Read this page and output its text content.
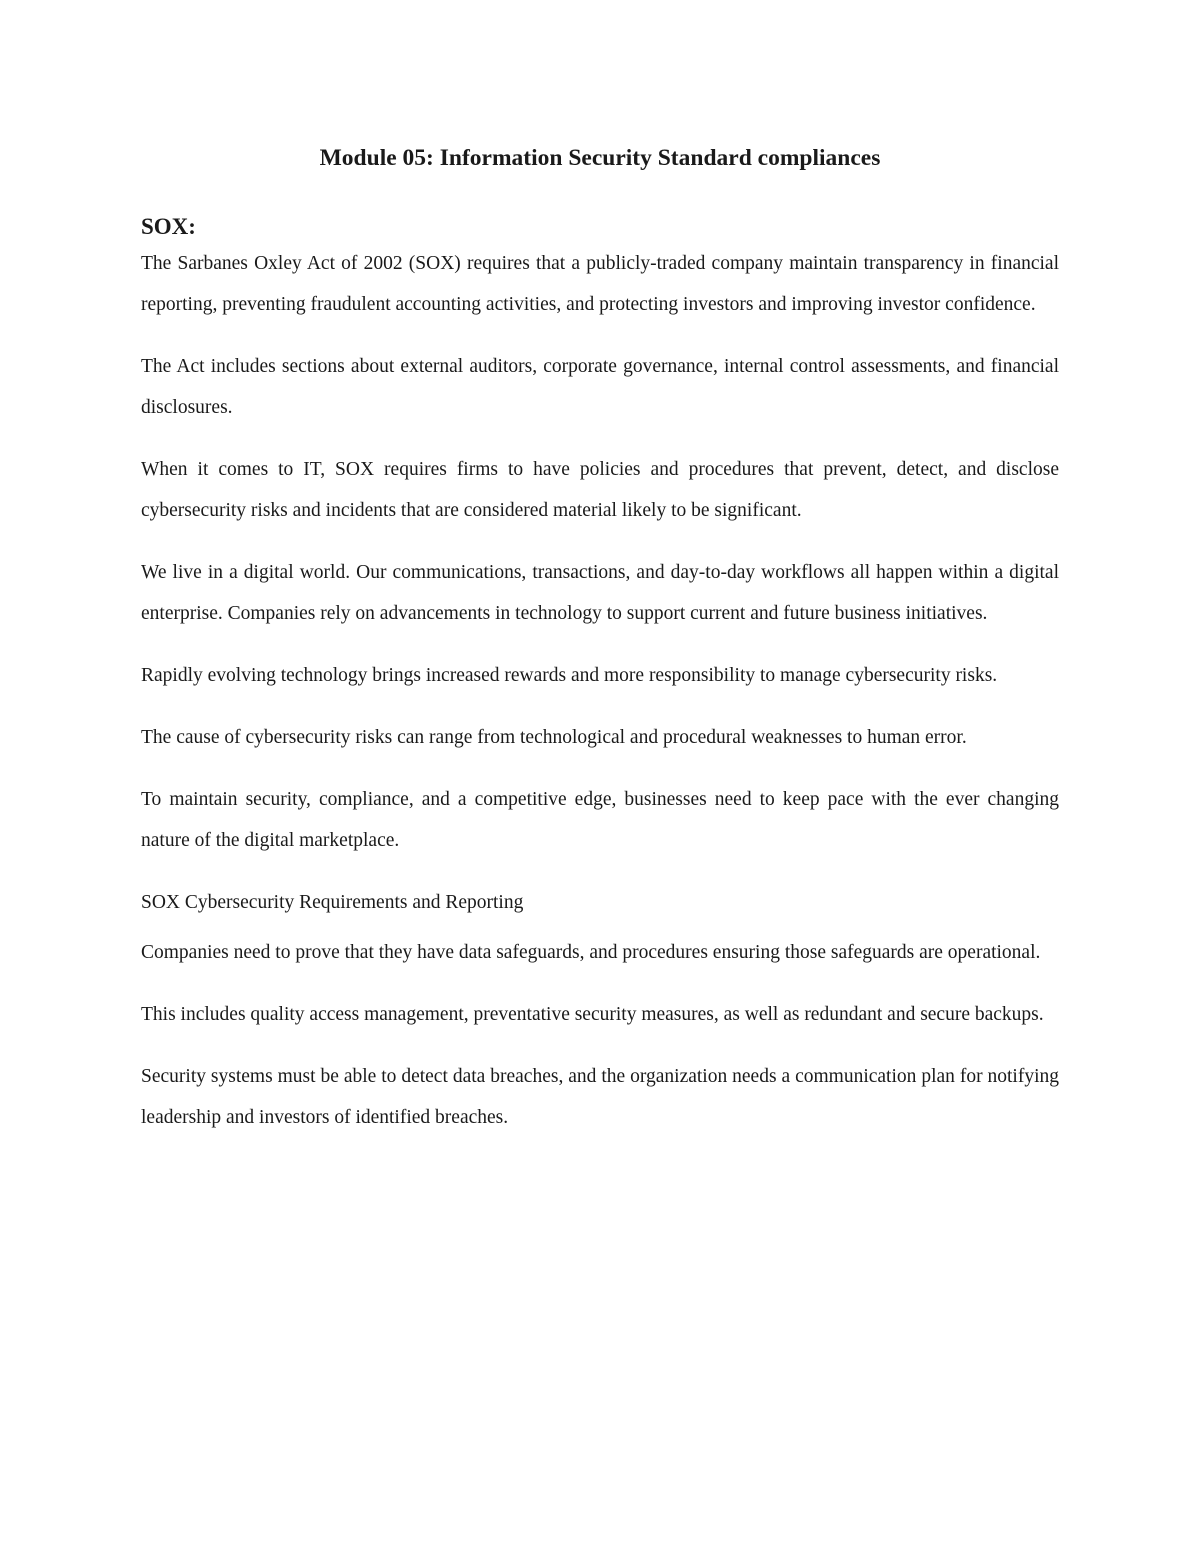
Module 05: Information Security Standard compliances
SOX:

The Sarbanes Oxley Act of 2002 (SOX) requires that a publicly-traded company maintain transparency in financial reporting, preventing fraudulent accounting activities, and protecting investors and improving investor confidence.

The Act includes sections about external auditors, corporate governance, internal control assessments, and financial disclosures.

When it comes to IT, SOX requires firms to have policies and procedures that prevent, detect, and disclose cybersecurity risks and incidents that are considered material likely to be significant.

We live in a digital world. Our communications, transactions, and day-to-day workflows all happen within a digital enterprise. Companies rely on advancements in technology to support current and future business initiatives.

Rapidly evolving technology brings increased rewards and more responsibility to manage cybersecurity risks.

The cause of cybersecurity risks can range from technological and procedural weaknesses to human error.

To maintain security, compliance, and a competitive edge, businesses need to keep pace with the ever changing nature of the digital marketplace.

SOX Cybersecurity Requirements and Reporting

Companies need to prove that they have data safeguards, and procedures ensuring those safeguards are operational.

This includes quality access management, preventative security measures, as well as redundant and secure backups.

Security systems must be able to detect data breaches, and the organization needs a communication plan for notifying leadership and investors of identified breaches.
